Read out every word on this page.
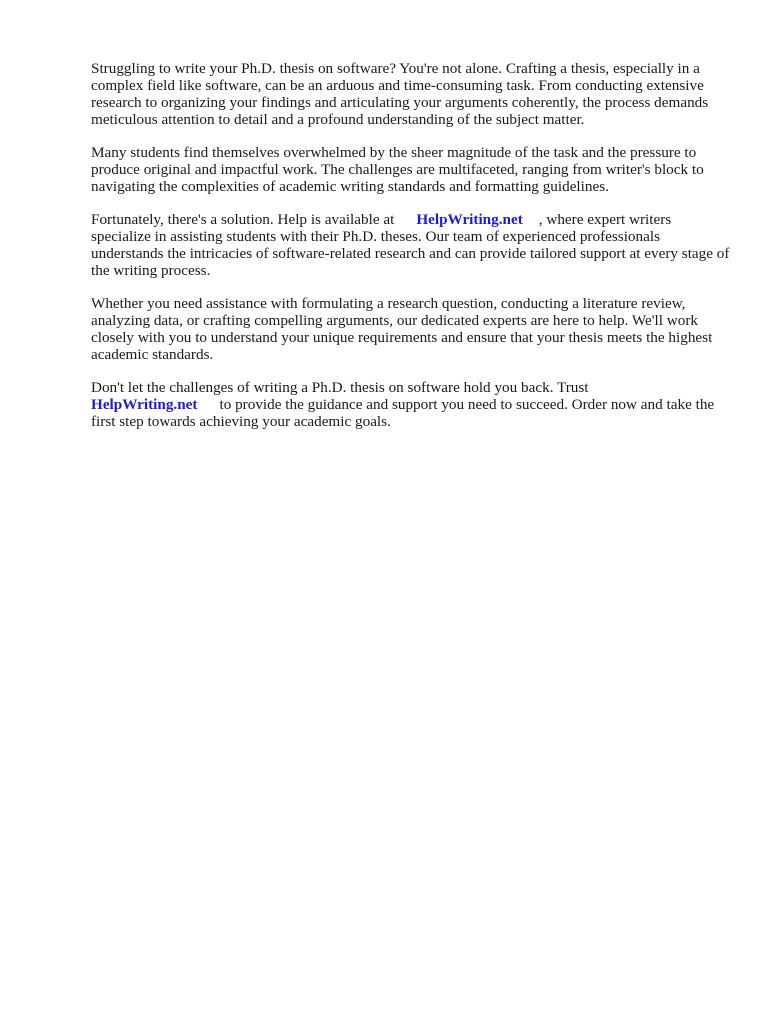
Struggling to write your Ph.D. thesis on software? You're not alone. Crafting a thesis, especially in a complex field like software, can be an arduous and time-consuming task. From conducting extensive research to organizing your findings and articulating your arguments coherently, the process demands meticulous attention to detail and a profound understanding of the subject matter.

Many students find themselves overwhelmed by the sheer magnitude of the task and the pressure to produce original and impactful work. The challenges are multifaceted, ranging from writer's block to navigating the complexities of academic writing standards and formatting guidelines.

Fortunately, there's a solution. Help is available at HelpWriting.net , where expert writers specialize in assisting students with their Ph.D. theses. Our team of experienced professionals understands the intricacies of software-related research and can provide tailored support at every stage of the writing process.

Whether you need assistance with formulating a research question, conducting a literature review, analyzing data, or crafting compelling arguments, our dedicated experts are here to help. We'll work closely with you to understand your unique requirements and ensure that your thesis meets the highest academic standards.

Don't let the challenges of writing a Ph.D. thesis on software hold you back. Trust HelpWriting.net to provide the guidance and support you need to succeed. Order now and take the first step towards achieving your academic goals.
